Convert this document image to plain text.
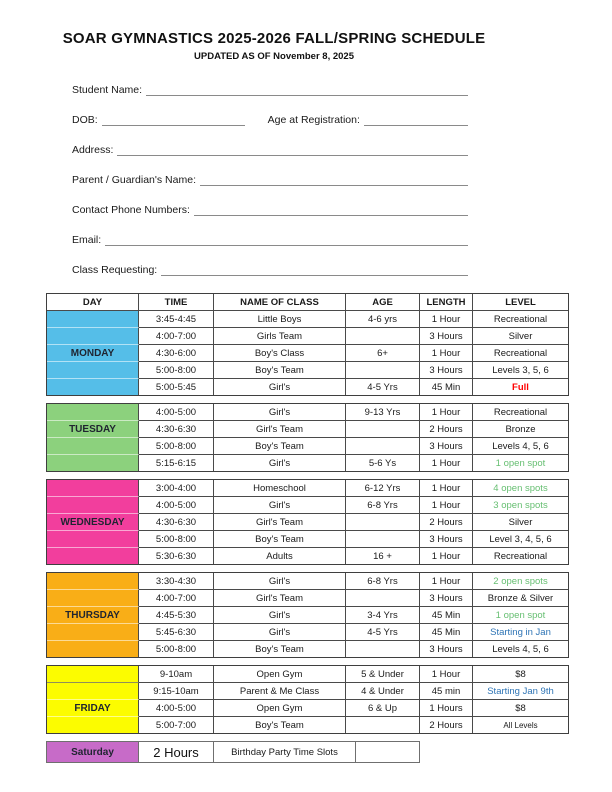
SOAR GYMNASTICS 2025-2026 FALL/SPRING SCHEDULE
UPDATED AS OF November 8, 2025
Student Name:
DOB:	Age at Registration:
Address:
Parent / Guardian's Name:
Contact Phone Numbers:
Email:
Class Requesting:
DAY	TIME	NAME OF CLASS	AGE	LENGTH	LEVEL
	3:45-4:45	Little Boys	4-6 yrs	1 Hour	Recreational
	4:00-7:00	Girls Team		3 Hours	Silver
MONDAY	4:30-6:00	Boy's Class	6+	1 Hour	Recreational
	5:00-8:00	Boy's Team		3 Hours	Levels 3, 5, 6
	5:00-5:45	Girl's	4-5 Yrs	45 Min	Full
	4:00-5:00	Girl's	9-13 Yrs	1 Hour	Recreational
TUESDAY	4:30-6:30	Girl's Team		2 Hours	Bronze
	5:00-8:00	Boy's Team		3 Hours	Levels 4, 5, 6
	5:15-6:15	Girl's	5-6 Ys	1 Hour	1 open spot
	3:00-4:00	Homeschool	6-12 Yrs	1 Hour	4 open spots
	4:00-5:00	Girl's	6-8 Yrs	1 Hour	3 open spots
WEDNESDAY	4:30-6:30	Girl's Team		2 Hours	Silver
	5:00-8:00	Boy's Team		3 Hours	Level 3, 4, 5, 6
	5:30-6:30	Adults	16 +	1 Hour	Recreational
	3:30-4:30	Girl's	6-8 Yrs	1 Hour	2 open spots
	4:00-7:00	Girl's Team		3 Hours	Bronze & Silver
THURSDAY	4:45-5:30	Girl's	3-4 Yrs	45 Min	1 open spot
	5:45-6:30	Girl's	4-5 Yrs	45 Min	Starting in Jan
	5:00-8:00	Boy's Team		3 Hours	Levels 4, 5, 6
	9-10am	Open Gym	5 & Under	1 Hour	$8
	9:15-10am	Parent & Me Class	4 & Under	45 min	Starting Jan 9th
FRIDAY	4:00-5:00	Open Gym	6 & Up	1 Hours	$8
	5:00-7:00	Boy's Team		2 Hours	All Levels
Saturday	2 Hours	Birthday Party Time Slots	
